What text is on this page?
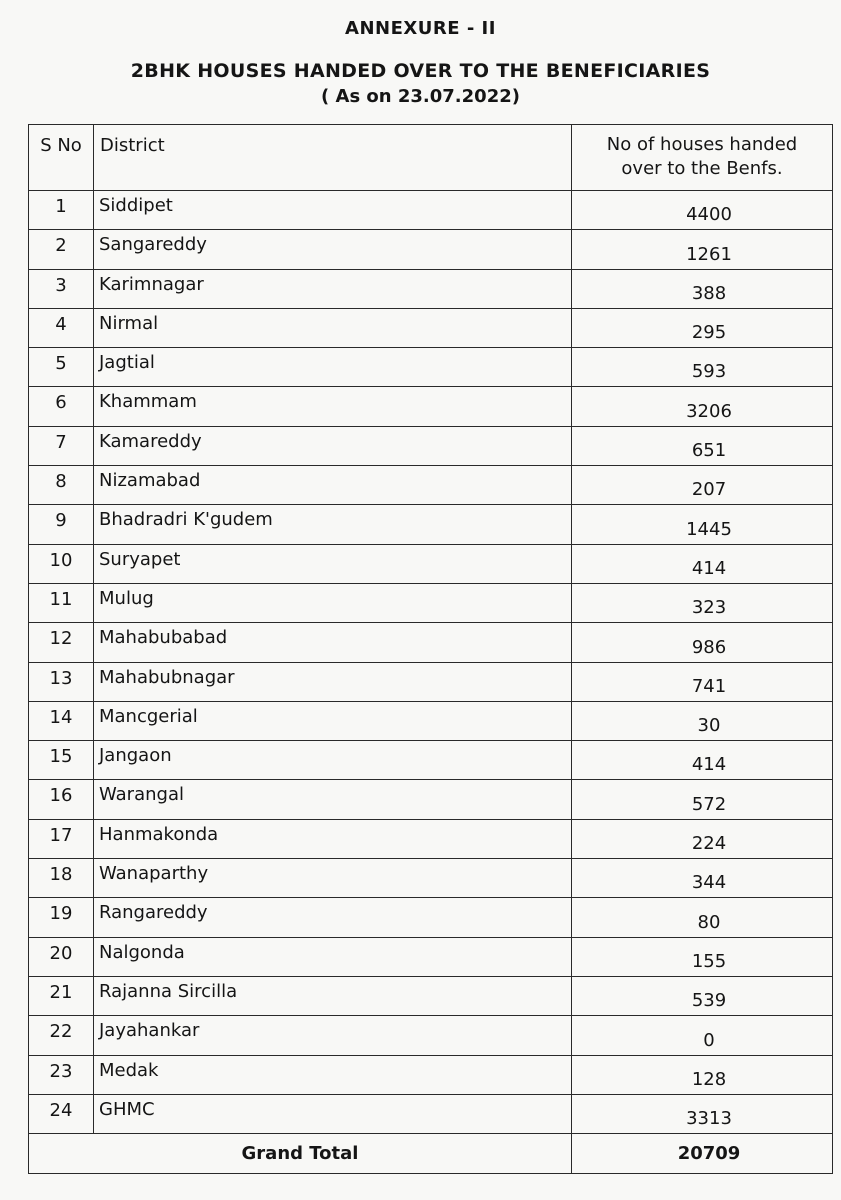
ANNEXURE - II
2BHK HOUSES HANDED OVER TO THE BENEFICIARIES
( As on 23.07.2022)
S No	District	No of houses handed
over to the Benfs.

1	Siddipet	4400
2	Sangareddy	1261
3	Karimnagar	388
4	Nirmal	295
5	Jagtial	593
6	Khammam	3206
7	Kamareddy	651
8	Nizamabad	207
9	Bhadradri K'gudem	1445
10	Suryapet	414
11	Mulug	323
12	Mahabubabad	986
13	Mahabubnagar	741
14	Mancgerial	30
15	Jangaon	414
16	Warangal	572
17	Hanmakonda	224
18	Wanaparthy	344
19	Rangareddy	80
20	Nalgonda	155
21	Rajanna Sircilla	539
22	Jayahankar	0
23	Medak	128
24	GHMC	3313
Grand Total		20709
